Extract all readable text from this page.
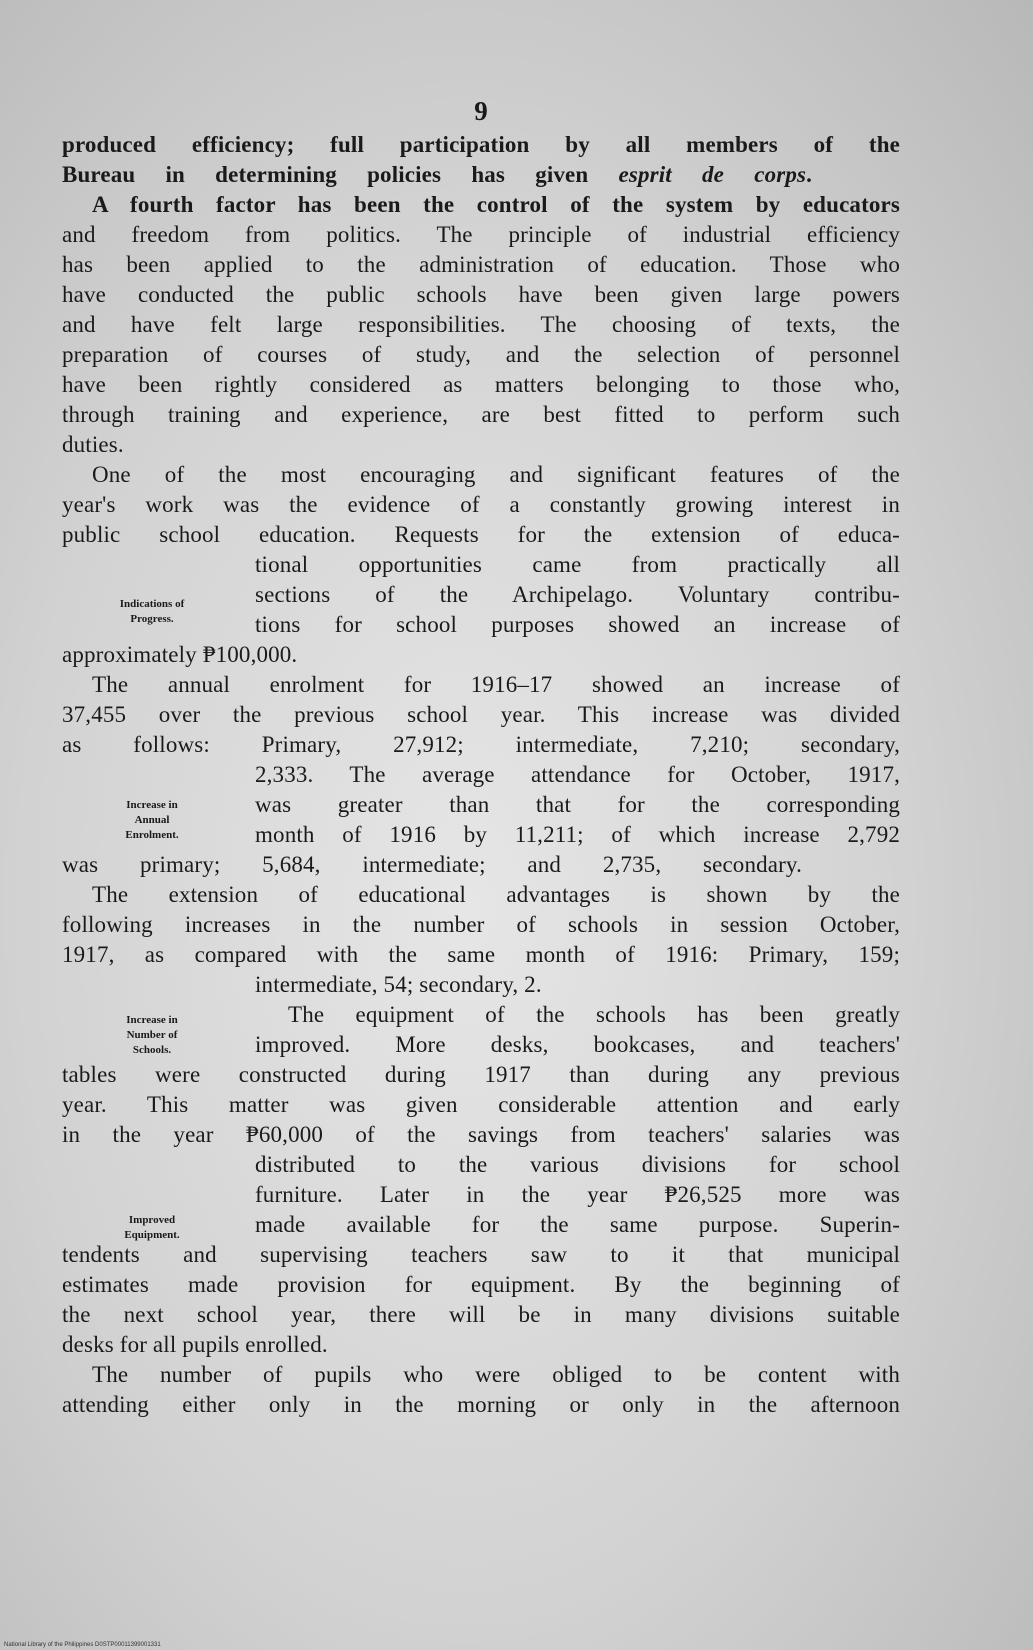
9
produced efficiency; full participation by all members of the
Bureau in determining policies has given esprit de corps.
A fourth factor has been the control of the system by educators
and freedom from politics. The principle of industrial efficiency
has been applied to the administration of education. Those who
have conducted the public schools have been given large powers
and have felt large responsibilities. The choosing of texts, the
preparation of courses of study, and the selection of personnel
have been rightly considered as matters belonging to those who,
through training and experience, are best fitted to perform such
duties.
One of the most encouraging and significant features of the
year's work was the evidence of a constantly growing interest in
public school education. Requests for the extension of educa-
tional opportunities came from practically all
sections of the Archipelago. Voluntary contribu-
tions for school purposes showed an increase of
approximately ₱100,000.
The annual enrolment for 1916–17 showed an increase of
37,455 over the previous school year. This increase was divided
as follows: Primary, 27,912; intermediate, 7,210; secondary,
2,333. The average attendance for October, 1917,
was greater than that for the corresponding
month of 1916 by 11,211; of which increase 2,792
was primary; 5,684, intermediate; and 2,735, secondary.
The extension of educational advantages is shown by the
following increases in the number of schools in session October,
1917, as compared with the same month of 1916: Primary, 159;
intermediate, 54; secondary, 2.
The equipment of the schools has been greatly
improved. More desks, bookcases, and teachers'
tables were constructed during 1917 than during any previous
year. This matter was given considerable attention and early
in the year ₱60,000 of the savings from teachers' salaries was
distributed to the various divisions for school
furniture. Later in the year ₱26,525 more was
made available for the same purpose. Superin-
tendents and supervising teachers saw to it that municipal
estimates made provision for equipment. By the beginning of
the next school year, there will be in many divisions suitable
desks for all pupils enrolled.
The number of pupils who were obliged to be content with
attending either only in the morning or only in the afternoon
Indications of
Progress.
Increase in
Annual
Enrolment.
Increase in
Number of
Schools.
Improved
Equipment.
National Library of the Philippines D0STP00011399001331
